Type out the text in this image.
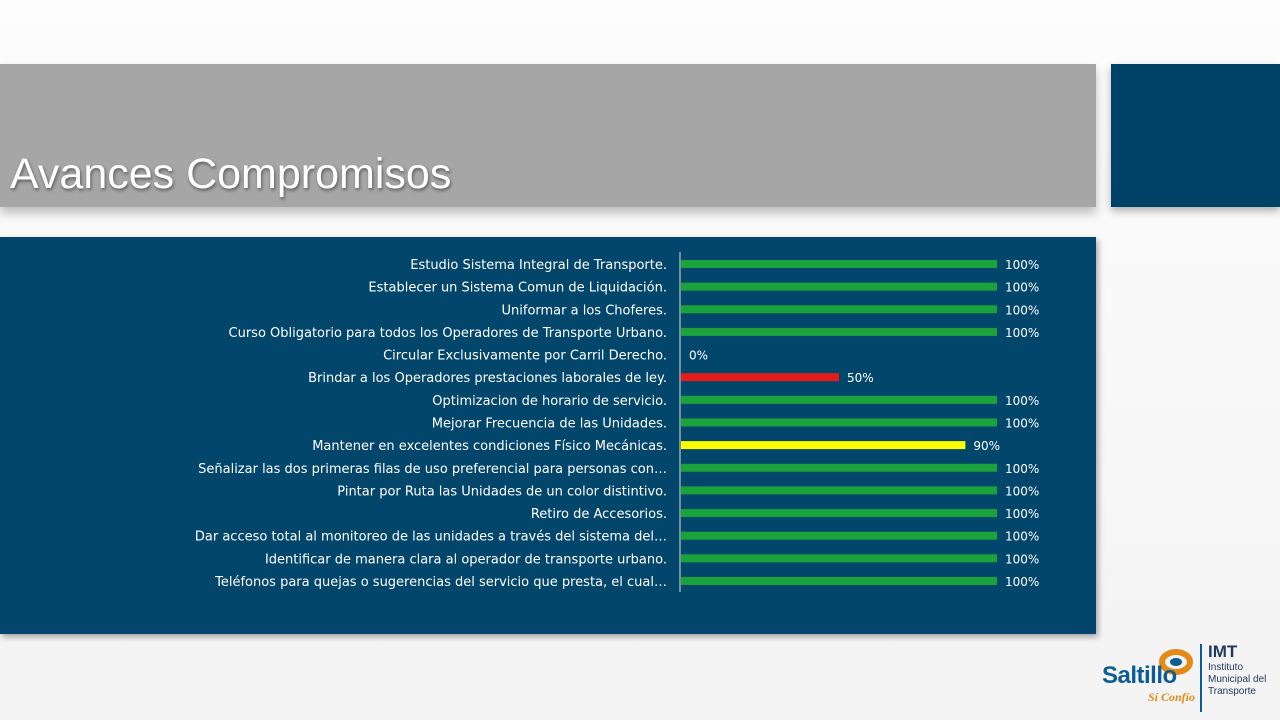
Avances Compromisos
Estudio Sistema Integral de Transporte.	100%
Establecer un Sistema Comun de Liquidación.	100%
Uniformar a los Choferes.	100%
Curso Obligatorio para todos los Operadores de Transporte Urbano.	100%
Circular Exclusivamente por Carril Derecho. 0%
Brindar a los Operadores prestaciones laborales de ley.	50%
Optimizacion de horario de servicio.	100%
Mejorar Frecuencia de las Unidades.	100%
Mantener en excelentes condiciones Físico Mecánicas.	90%
Señalizar las dos primeras filas de uso preferencial para personas con…	100%
Pintar por Ruta las Unidades de un color distintivo.	100%
Retiro de Accesorios.	100%
Dar acceso total al monitoreo de las unidades a través del sistema del…	100%
Identificar de manera clara al operador de transporte urbano.	100%
Teléfonos para quejas o sugerencias del servicio que presta, el cual…	100%
Saltillo
Sí Confío
IMT
Instituto Municipal del Transporte
